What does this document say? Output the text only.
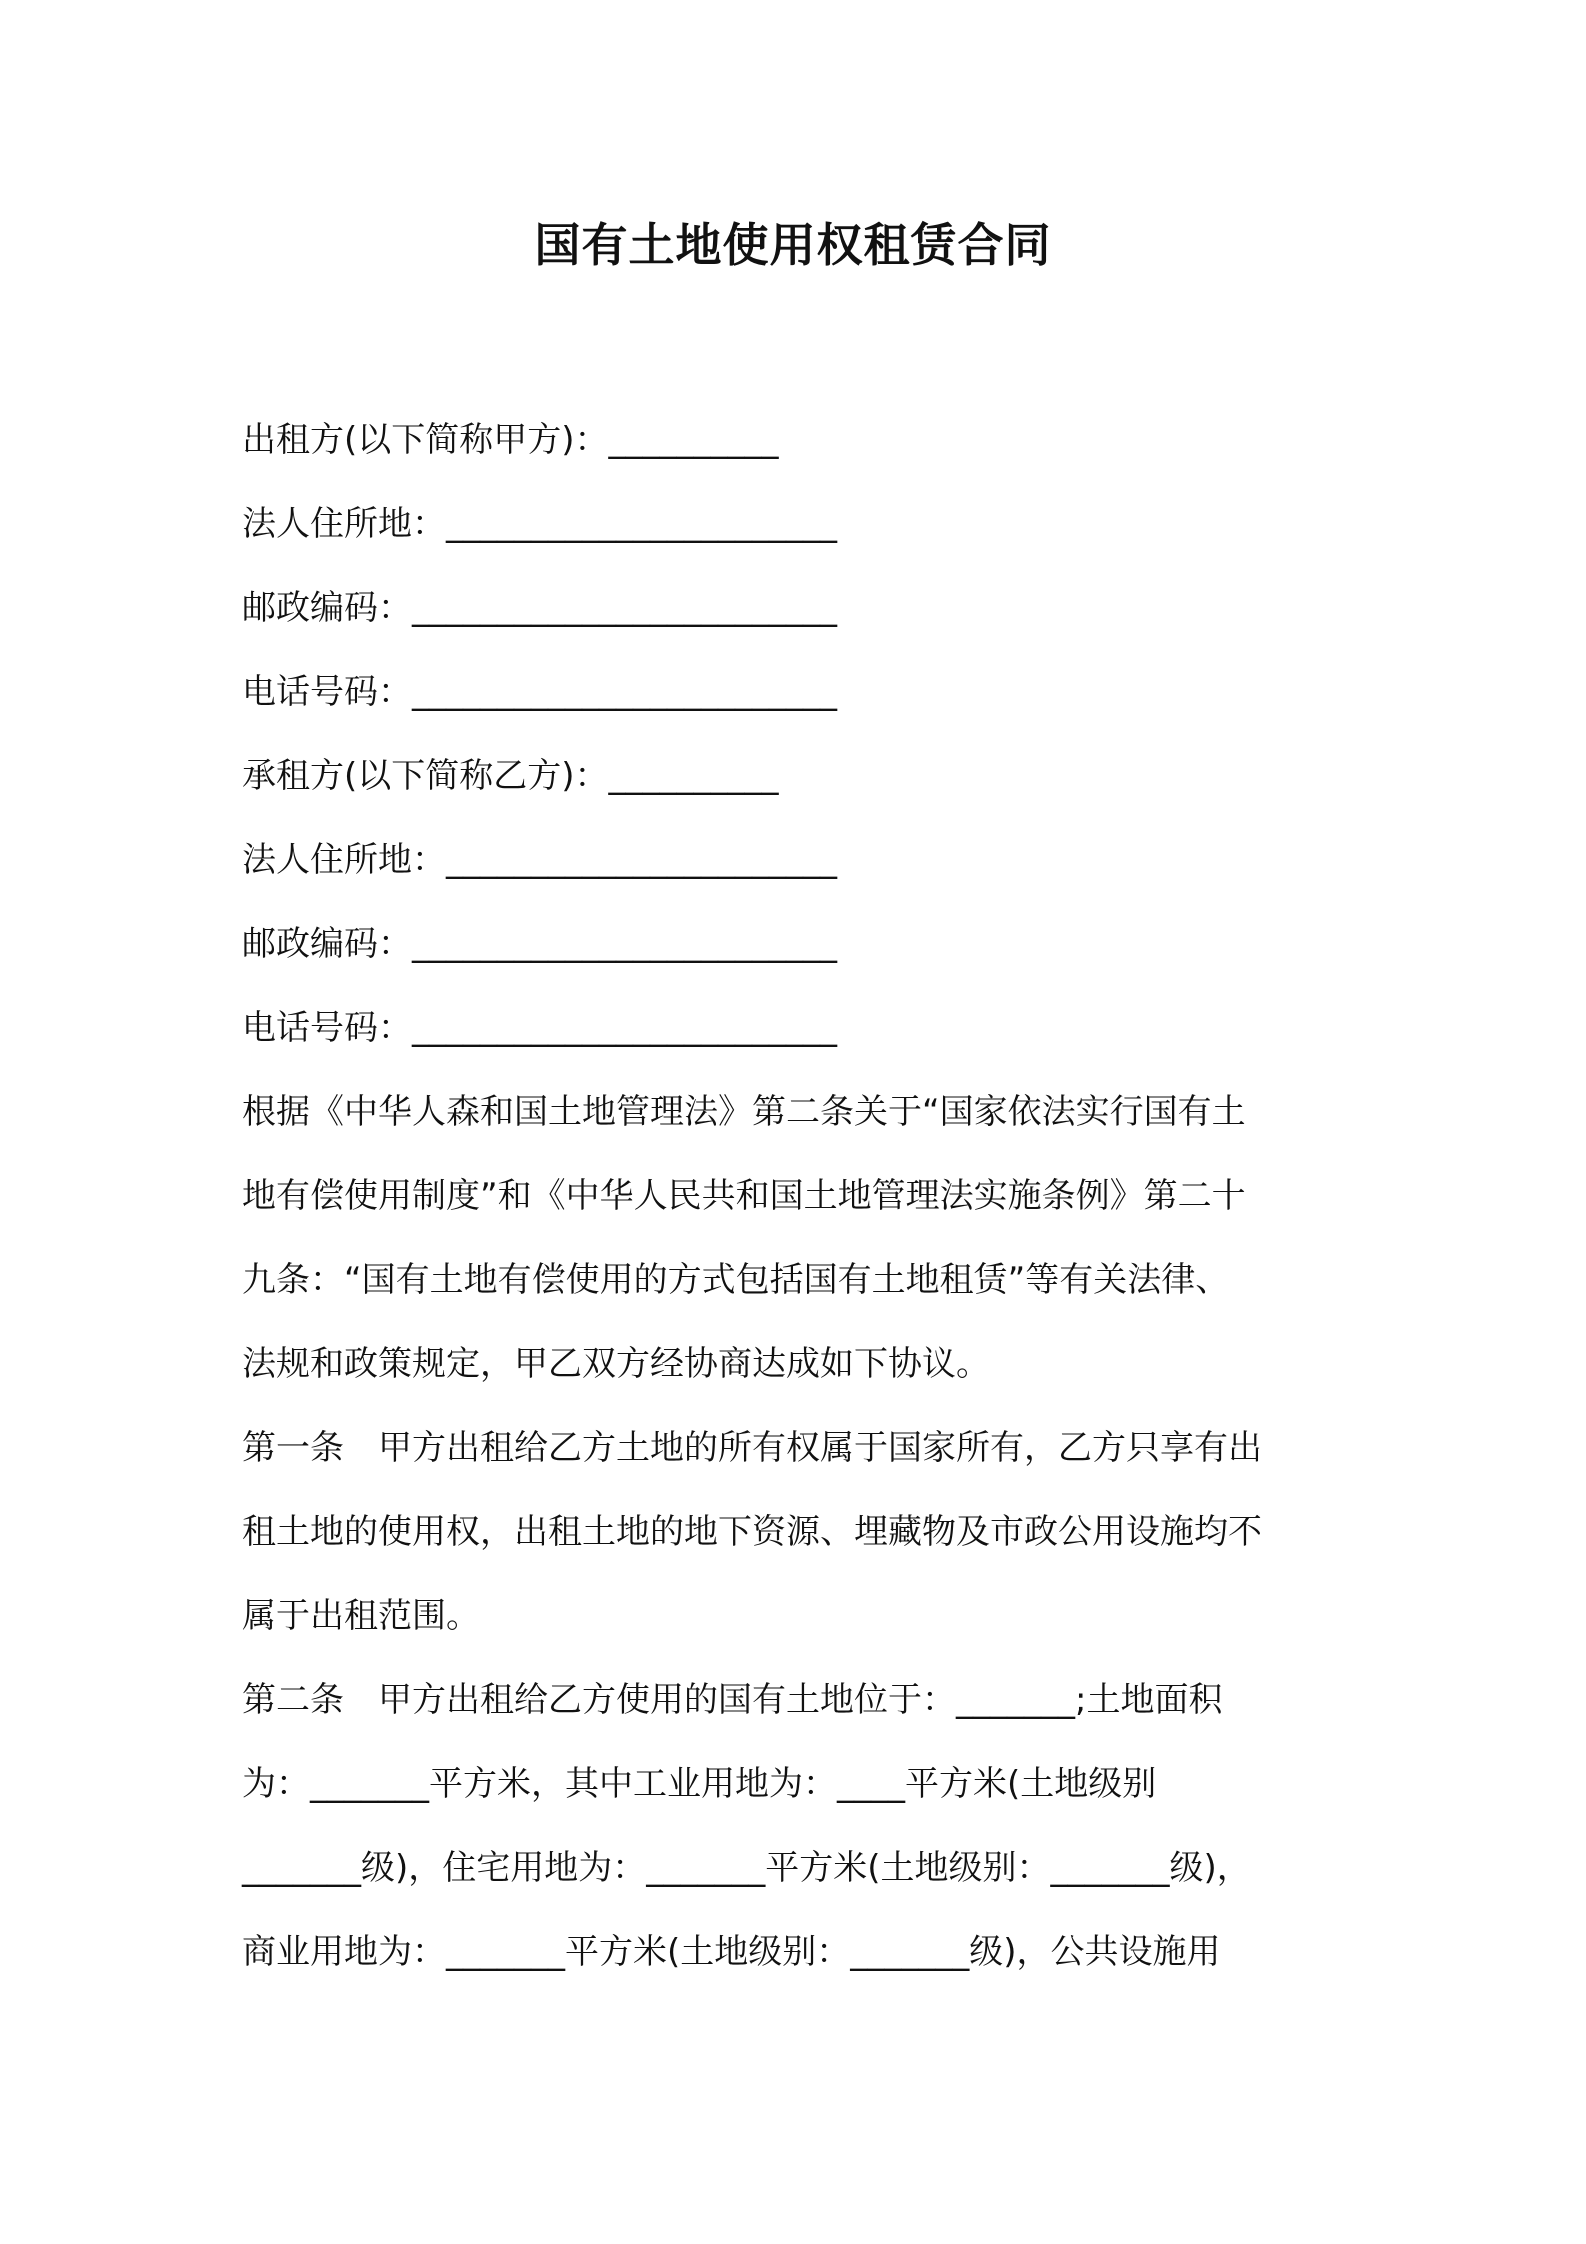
国有土地使用权租赁合同
出租方(以下简称甲方)：__________
法人住所地：_______________________
邮政编码：_________________________
电话号码：_________________________
承租方(以下简称乙方)：__________
法人住所地：_______________________
邮政编码：_________________________
电话号码：_________________________
根据《中华人森和国土地管理法》第二条关于“国家依法实行国有土
地有偿使用制度”和《中华人民共和国土地管理法实施条例》第二十
九条：“国有土地有偿使用的方式包括国有土地租赁”等有关法律、
法规和政策规定，甲乙双方经协商达成如下协议。
第一条　甲方出租给乙方土地的所有权属于国家所有，乙方只享有出
租土地的使用权，出租土地的地下资源、埋藏物及市政公用设施均不
属于出租范围。
第二条　甲方出租给乙方使用的国有土地位于：_______;土地面积
为：_______平方米，其中工业用地为：____平方米(土地级别
_______级)，住宅用地为：_______平方米(土地级别：_______级)，
商业用地为：_______平方米(土地级别：_______级)，公共设施用
